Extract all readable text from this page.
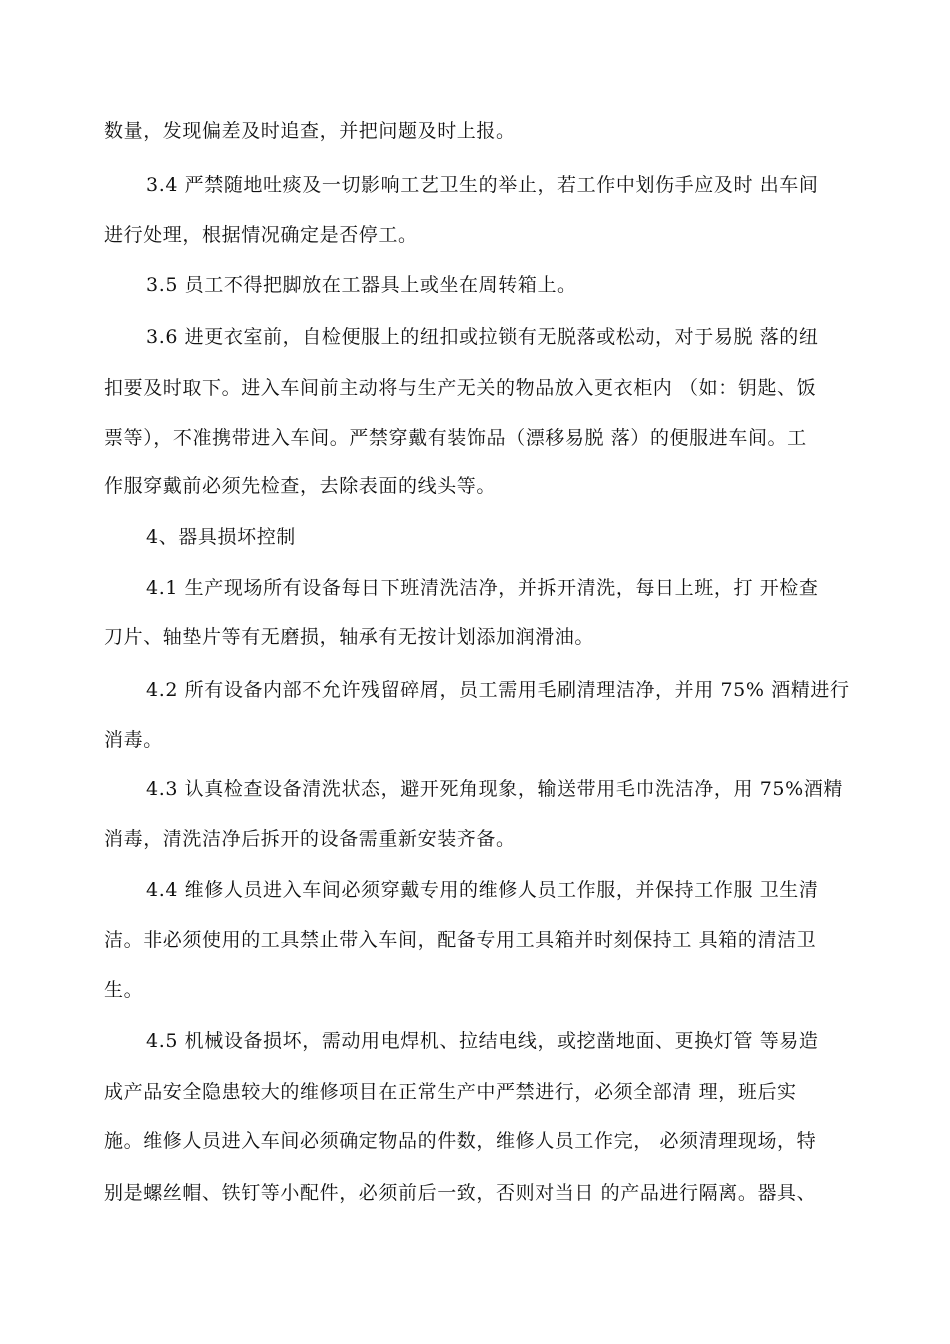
数量，发现偏差及时追查，并把问题及时上报。
3.4 严禁随地吐痰及一切影响工艺卫生的举止，若工作中划伤手应及时 出车间
进行处理，根据情况确定是否停工。
3.5 员工不得把脚放在工器具上或坐在周转箱上。
3.6 进更衣室前，自检便服上的纽扣或拉锁有无脱落或松动，对于易脱 落的纽
扣要及时取下。进入车间前主动将与生产无关的物品放入更衣柜内 （如：钥匙、饭
票等），不准携带进入车间。严禁穿戴有装饰品（漂移易脱 落）的便服进车间。工
作服穿戴前必须先检查，去除表面的线头等。
4、器具损坏控制
4.1 生产现场所有设备每日下班清洗洁净，并拆开清洗，每日上班，打 开检查
刀片、轴垫片等有无磨损，轴承有无按计划添加润滑油。
4.2 所有设备内部不允许残留碎屑，员工需用毛刷清理洁净，并用 75% 酒精进行
消毒。
4.3 认真检查设备清洗状态，避开死角现象，输送带用毛巾洗洁净，用 75%酒精
消毒，清洗洁净后拆开的设备需重新安装齐备。
4.4 维修人员进入车间必须穿戴专用的维修人员工作服，并保持工作服 卫生清
洁。非必须使用的工具禁止带入车间，配备专用工具箱并时刻保持工 具箱的清洁卫
生。
4.5 机械设备损坏，需动用电焊机、拉结电线，或挖凿地面、更换灯管 等易造
成产品安全隐患较大的维修项目在正常生产中严禁进行，必须全部清 理，班后实
施。维修人员进入车间必须确定物品的件数，维修人员工作完， 必须清理现场，特
别是螺丝帽、铁钉等小配件，必须前后一致，否则对当日 的产品进行隔离。器具、
